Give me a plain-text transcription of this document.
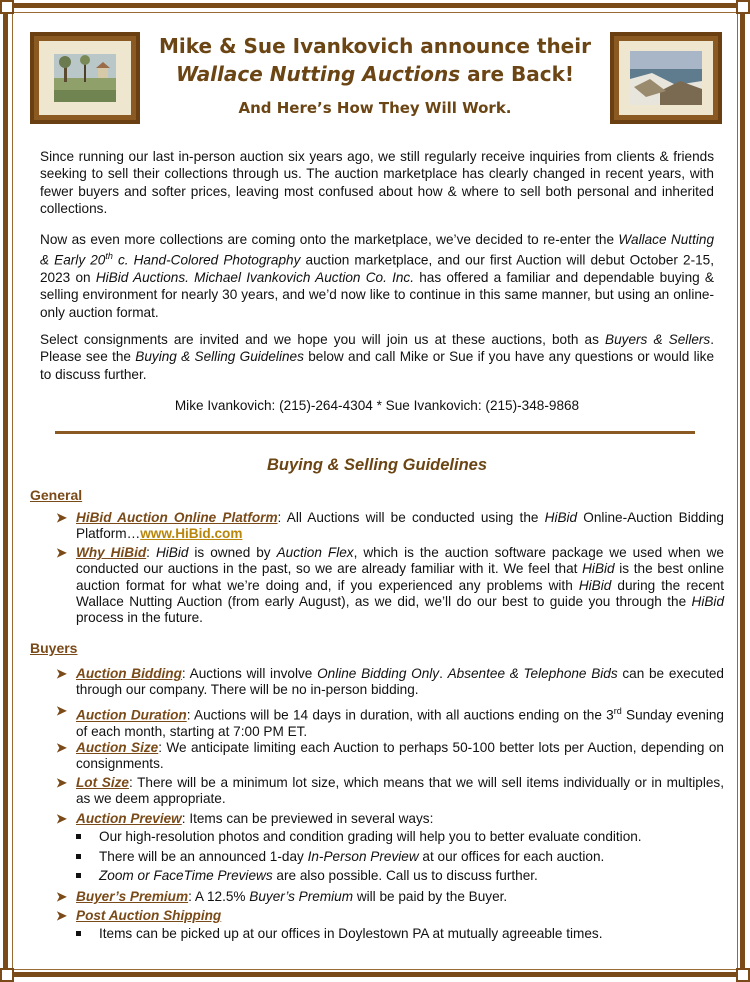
Mike & Sue Ivankovich announce their
Wallace Nutting Auctions are Back!
And Here’s How They Will Work.

Since running our last in-person auction six years ago, we still regularly receive inquiries from clients & friends seeking to sell their collections through us. The auction marketplace has clearly changed in recent years, with fewer buyers and softer prices, leaving most confused about how & where to sell both personal and inherited collections.

Now as even more collections are coming onto the marketplace, we’ve decided to re-enter the Wallace Nutting & Early 20th c. Hand-Colored Photography auction marketplace, and our first Auction will debut October 2-15, 2023 on HiBid Auctions. Michael Ivankovich Auction Co. Inc. has offered a familiar and dependable buying & selling environment for nearly 30 years, and we’d now like to continue in this same manner, but using an online-only auction format.

Select consignments are invited and we hope you will join us at these auctions, both as Buyers & Sellers. Please see the Buying & Selling Guidelines below and call Mike or Sue if you have any questions or would like to discuss further.

Mike Ivankovich: (215)-264-4304 * Sue Ivankovich: (215)-348-9868
Buying & Selling Guidelines
General
➤ HiBid Auction Online Platform: All Auctions will be conducted using the HiBid Online-Auction Bidding Platform…www.HiBid.com
➤ Why HiBid: HiBid is owned by Auction Flex, which is the auction software package we used when we conducted our auctions in the past, so we are already familiar with it. We feel that HiBid is the best online auction format for what we’re doing and, if you experienced any problems with HiBid during the recent Wallace Nutting Auction (from early August), as we did, we’ll do our best to guide you through the HiBid process in the future.
Buyers
➤ Auction Bidding: Auctions will involve Online Bidding Only. Absentee & Telephone Bids can be executed through our company. There will be no in-person bidding.
➤ Auction Duration: Auctions will be 14 days in duration, with all auctions ending on the 3rd Sunday evening of each month, starting at 7:00 PM ET.
➤ Auction Size: We anticipate limiting each Auction to perhaps 50-100 better lots per Auction, depending on consignments.
➤ Lot Size: There will be a minimum lot size, which means that we will sell items individually or in multiples, as we deem appropriate.
➤ Auction Preview: Items can be previewed in several ways:
Our high-resolution photos and condition grading will help you to better evaluate condition.
There will be an announced 1-day In-Person Preview at our offices for each auction.
Zoom or FaceTime Previews are also possible. Call us to discuss further.
➤ Buyer’s Premium: A 12.5% Buyer’s Premium will be paid by the Buyer.
➤ Post Auction Shipping
Items can be picked up at our offices in Doylestown PA at mutually agreeable times.
